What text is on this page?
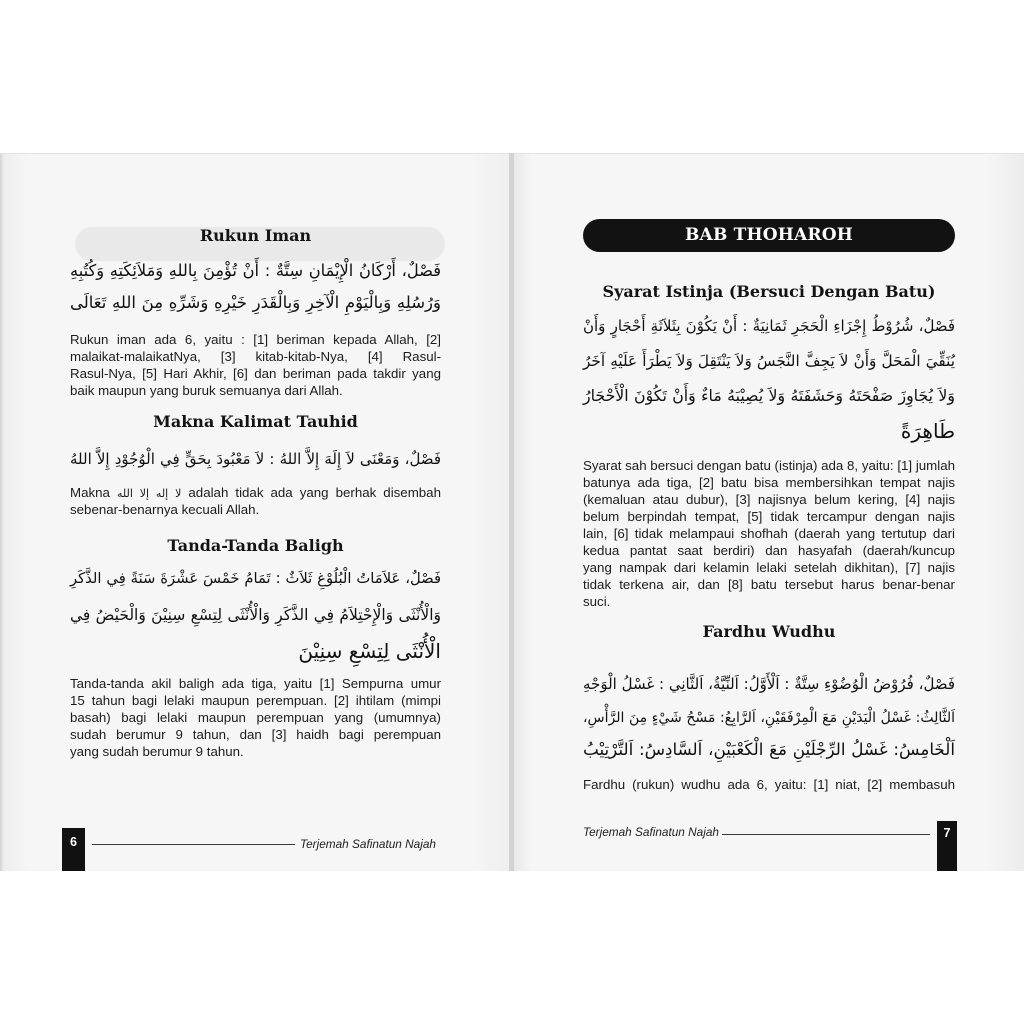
Rukun Iman
فَصْلٌ، أَرْكَانُ الْإِيْمَانِ سِتَّةٌ : أَنْ تُؤْمِنَ بِاللهِ وَمَلاَئِكَتِهِ وَكُتُبِهِ
وَرُسُلِهِ وَبِالْيَوْمِ الْآخِرِ وَبِالْقَدَرِ خَيْرِهِ وَشَرِّهِ مِنَ اللهِ تَعَالَى
Rukun iman ada 6, yaitu : [1] beriman kepada Allah, [2]
malaikat-malaikatNya, [3] kitab-kitab-Nya, [4] Rasul-
Rasul-Nya, [5] Hari Akhir, [6] dan beriman pada takdir yang
baik maupun yang buruk semuanya dari Allah.
Makna Kalimat Tauhid
فَصْلٌ، وَمَعْنَى لاَ إِلَهَ إِلاَّ اللهُ : لاَ مَعْبُودَ بِحَقٍّ فِي الْوُجُوْدِ إِلاَّ اللهُ
Makna لا إله إلا الله adalah tidak ada yang berhak disembah
sebenar-benarnya kecuali Allah.
Tanda-Tanda Baligh
فَصْلٌ، عَلاَمَاتُ الْبُلُوْغِ ثَلاَثٌ : تَمَامُ خَمْسَ عَشْرَةَ سَنَةً فِي الذَّكَرِ
وَالْأُنْثَى وَالْإِحْتِلاَمُ فِي الذَّكَرِ وَالْأُنْثَى لِتِسْعِ سِنِيْنَ وَالْحَيْضُ فِي
الْأُنْثَى لِتِسْعِ سِنِيْنَ
Tanda-tanda akil baligh ada tiga, yaitu [1] Sempurna umur
15 tahun bagi lelaki maupun perempuan. [2] ihtilam (mimpi
basah) bagi lelaki maupun perempuan yang (umumnya)
sudah berumur 9 tahun, dan [3] haidh bagi perempuan
yang sudah berumur 9 tahun.
6	Terjemah Safinatun Najah
BAB THOHAROH
Syarat Istinja (Bersuci Dengan Batu)
فَصْلٌ، شُرُوْطُ إِجْزَاءِ الْحَجَرِ ثَمَانِيَةٌ : أَنْ يَكُوْنَ بِثَلاَثَةِ أَحْجَارٍ وَأَنْ
يُنَقِّيَ الْمَحَلَّ وَأَنْ لاَ يَجِفَّ النَّجَسُ وَلاَ يَنْتَقِلَ وَلاَ يَطْرَأَ عَلَيْهِ آخَرُ
وَلاَ يُجَاوِزَ صَفْحَتَهُ وَحَشَفَتَهُ وَلاَ يُصِيْبَهُ مَاءٌ وَأَنْ تَكُوْنَ الْأَحْجَارُ
طَاهِرَةً
Syarat sah bersuci dengan batu (istinja) ada 8, yaitu: [1] jumlah
batunya ada tiga, [2] batu bisa membersihkan tempat najis
(kemaluan atau dubur), [3] najisnya belum kering, [4] najis
belum berpindah tempat, [5] tidak tercampur dengan najis
lain, [6] tidak melampaui shofhah (daerah yang tertutup dari
kedua pantat saat berdiri) dan hasyafah (daerah/kuncup
yang nampak dari kelamin lelaki setelah dikhitan), [7] najis
tidak terkena air, dan [8] batu tersebut harus benar-benar
suci.
Fardhu Wudhu
فَصْلٌ، فُرُوْضُ الْوُضُوْءِ سِتَّةٌ : اَلْأَوَّلُ: اَلنِّيَّةُ، اَلثَّانِي : غَسْلُ الْوَجْهِ
اَلثَّالِثُ: غَسْلُ الْيَدَيْنِ مَعَ الْمِرْفَقَيْنِ، اَلرَّابِعُ: مَسْحُ شَيْءٍ مِنَ الرَّأْسِ،
اَلْخَامِسُ: غَسْلُ الرِّجْلَيْنِ مَعَ الْكَعْبَيْنِ، اَلسَّادِسُ: اَلتَّرْتِيْبُ
Fardhu (rukun) wudhu ada 6, yaitu: [1] niat, [2] membasuh
Terjemah Safinatun Najah	7
